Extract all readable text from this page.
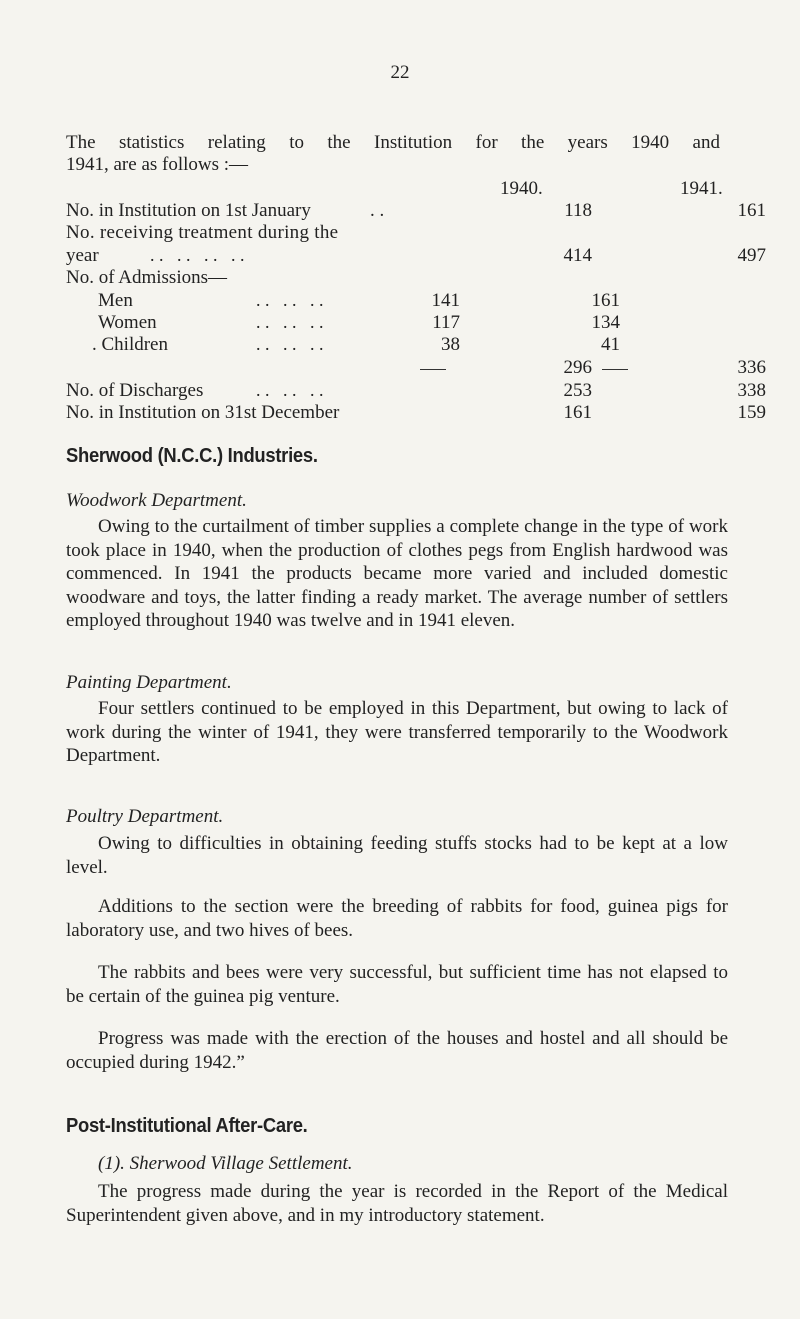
22
The statistics relating to the Institution for the years 1940 and
1941, are as follows :—
1940.	1941.
No. in Institution on 1st January	. .	118	161
No. receiving treatment during the
year	. .   . .   . .   . .	414	497
No. of Admissions—
Men	. .   . .   . .	141	161
Women	. .   . .   . .	117	134
. Children	. .   . .   . .	38	41
296	336
No. of Discharges	. .   . .   . .	253	338
No. in Institution on 31st December	161	159
Sherwood (N.C.C.) Industries.
Woodwork Department.
Owing to the curtailment of timber supplies a complete change in the type of work took place in 1940, when the production of clothes pegs from English hardwood was commenced. In 1941 the products became more varied and included domestic woodware and toys, the latter finding a ready market. The average number of settlers employed throughout 1940 was twelve and in 1941 eleven.
Painting Department.
Four settlers continued to be employed in this Department, but owing to lack of work during the winter of 1941, they were transferred temporarily to the Woodwork Department.
Poultry Department.
Owing to difficulties in obtaining feeding stuffs stocks had to be kept at a low level.
Additions to the section were the breeding of rabbits for food, guinea pigs for laboratory use, and two hives of bees.
The rabbits and bees were very successful, but sufficient time has not elapsed to be certain of the guinea pig venture.
Progress was made with the erection of the houses and hostel and all should be occupied during 1942.”
Post-Institutional After-Care.
(1). Sherwood Village Settlement.
The progress made during the year is recorded in the Report of the Medical Superintendent given above, and in my introductory statement.
